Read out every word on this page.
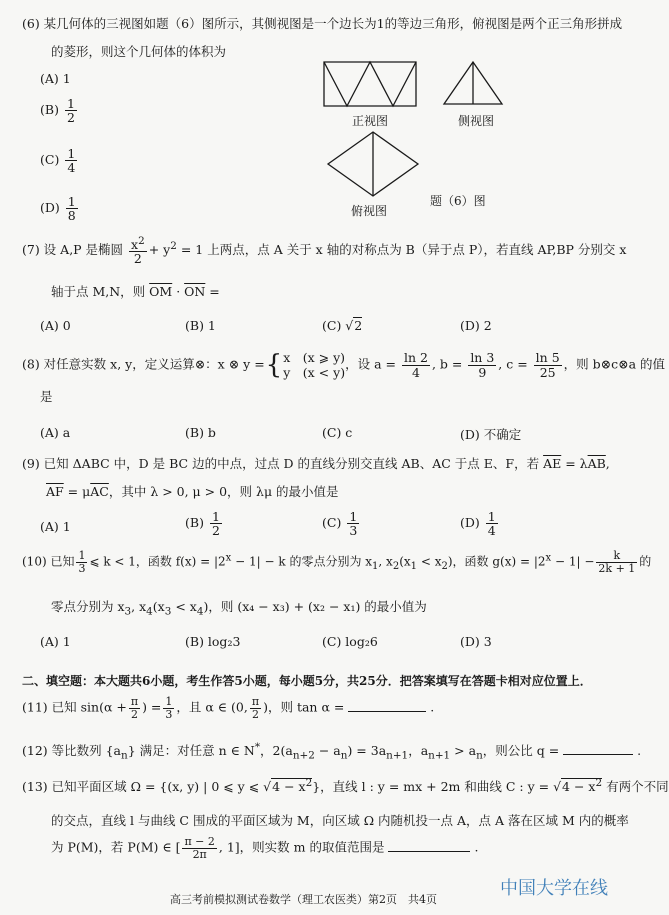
(6) 某几何体的三视图如题（6）图所示，其侧视图是一个边长为1的等边三角形，俯视图是两个正三角形拼成
的菱形，则这个几何体的体积为
(A) 1
$(B) \frac{1}{2}$
$(C) \frac{1}{4}$
$(D) \frac{1}{8}$
正视图	侧视图
俯视图
题（6）图
(7) 设 A,P 是椭圆 $\frac{x^2}{2} + y^2 = 1$ 上两点，点 A 关于 x 轴的对称点为 B（异于点 P），若直线 AP,BP 分别交 x
轴于点 M,N，则 $\overline{OM} \cdot \overline{ON}$ =
(A) 0	(B) 1	(C) √2	(D) 2
(8) 对任意实数 x, y，定义运算⊗：x ⊗ y ={x　(x ⩾ y)
y　(x < y)，设 $a = \frac{\ln 2}{4}$ , $b = \frac{\ln 3}{9}$ , $c = \frac{\ln 5}{25}$ ，则 b⊗c⊗a 的值
是
(A) a	(B) b	(C) c	(D) 不确定
(9) 已知 ΔABC 中，D 是 BC 边的中点，过点 D 的直线分别交直线 AB、AC 于点 E、F，若 $\overline{AE} = \lambda\overline{AB}$,
$\overline{AF} = \mu\overline{AC}$，其中 λ > 0, μ > 0，则 λμ 的最小值是
(A) 1	$(B) \frac{1}{2}$	$(C) \frac{1}{3}$	$(D) \frac{1}{4}$
(10) 已知 $\frac{1}{3}$ ⩽ k < 1，函数 $f(x) = |2^x - 1| - k$ 的零点分别为 $x_1$, $x_2(x_1 < x_2)$，函数 $g(x) = |2^x - 1| - \frac{k}{2k + 1}$ 的
零点分别为 $x_3$, $x_4(x_3 < x_4)$，则 (x₄ − x₃) + (x₂ − x₁) 的最小值为
(A) 1	(B) log₂3	(C) log₂6	(D) 3
二、填空题：本大题共6小题，考生作答5小题，每小题5分，共25分．把答案填写在答题卡相对应位置上．
(11) 已知 $\sin(\alpha + \frac{\pi}{2}$ ) = $\frac{1}{3}$ ，且 α ∈ (0, $\frac{\pi}{2}$ )，则 tan α =	.
(12) 等比数列 $\{a_n\}$ 满足：对任意 n ∈ N*，$2(a_{n+2} - a_n) = 3a_{n+1}$，$a_{n+1} > a_n$，则公比 q =	.
(13) 已知平面区域 Ω = {(x, y) | 0 ⩽ y ⩽ $√4 - x^2$}，直线 l : y = mx + 2m 和曲线 C : $y = √4 - x^2$ 有两个不同
的交点，直线 l 与曲线 C 围成的平面区域为 M，向区域 Ω 内随机投一点 A，点 A 落在区域 M 内的概率
为 P(M)，若 P(M) ∈ [ $\frac{\pi - 2}{2\pi}$ , 1]，则实数 m 的取值范围是	.
高三考前模拟测试卷数学（理工农医类）第2页　共4页
中国大学在线
